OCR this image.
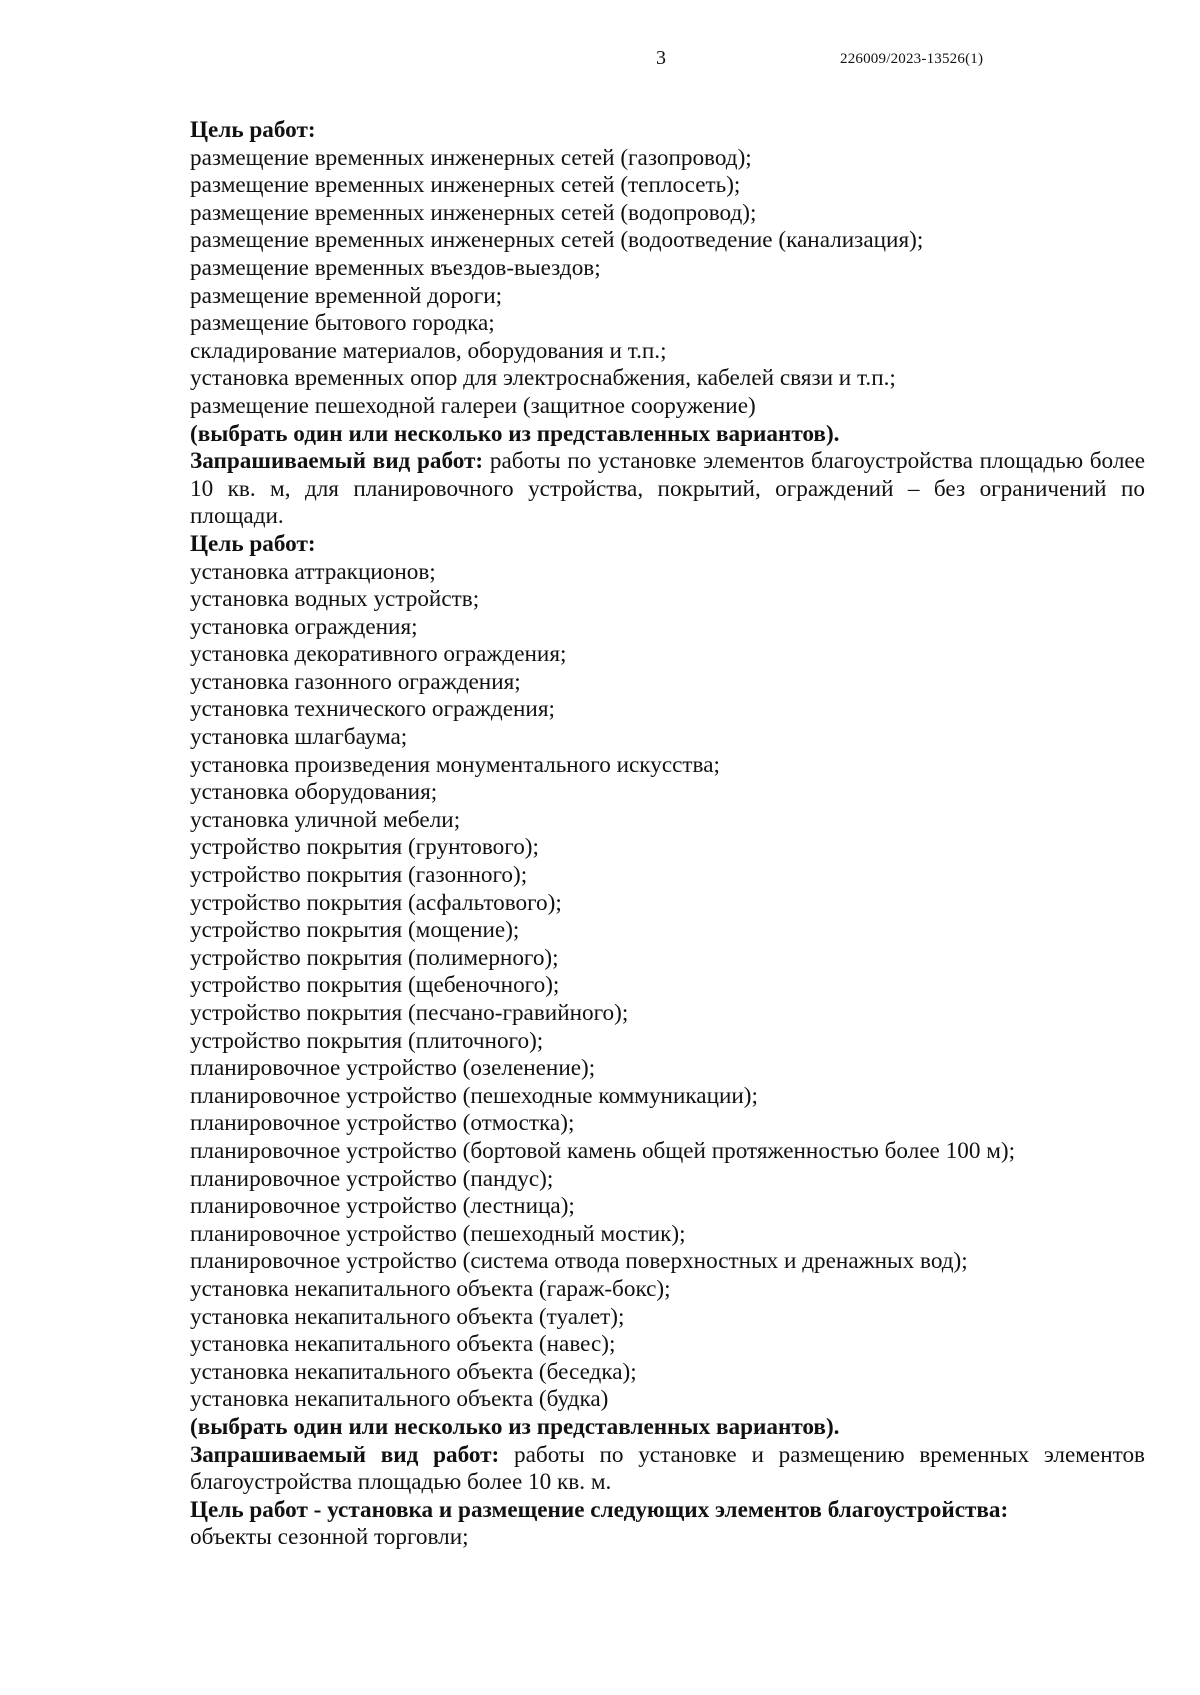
3	226009/2023-13526(1)
Цель работ:
размещение временных инженерных сетей (газопровод);
размещение временных инженерных сетей (теплосеть);
размещение временных инженерных сетей (водопровод);
размещение временных инженерных сетей (водоотведение (канализация);
размещение временных въездов-выездов;
размещение временной дороги;
размещение бытового городка;
складирование материалов, оборудования и т.п.;
установка временных опор для электроснабжения, кабелей связи и т.п.;
размещение пешеходной галереи (защитное сооружение)
(выбрать один или несколько из представленных вариантов).
Запрашиваемый вид работ: работы по установке элементов благоустройства площадью более 10 кв. м, для планировочного устройства, покрытий, ограждений – без ограничений по площади.
Цель работ:
установка аттракционов;
установка водных устройств;
установка ограждения;
установка декоративного ограждения;
установка газонного ограждения;
установка технического ограждения;
установка шлагбаума;
установка произведения монументального искусства;
установка оборудования;
установка уличной мебели;
устройство покрытия (грунтового);
устройство покрытия (газонного);
устройство покрытия (асфальтового);
устройство покрытия (мощение);
устройство покрытия (полимерного);
устройство покрытия (щебеночного);
устройство покрытия (песчано-гравийного);
устройство покрытия (плиточного);
планировочное устройство (озеленение);
планировочное устройство (пешеходные коммуникации);
планировочное устройство (отмостка);
планировочное устройство (бортовой камень общей протяженностью более 100 м);
планировочное устройство (пандус);
планировочное устройство (лестница);
планировочное устройство (пешеходный мостик);
планировочное устройство (система отвода поверхностных и дренажных вод);
установка некапитального объекта (гараж-бокс);
установка некапитального объекта (туалет);
установка некапитального объекта (навес);
установка некапитального объекта (беседка);
установка некапитального объекта (будка)
(выбрать один или несколько из представленных вариантов).
Запрашиваемый вид работ: работы по установке и размещению временных элементов благоустройства площадью более 10 кв. м.
Цель работ - установка и размещение следующих элементов благоустройства:
объекты сезонной торговли;
